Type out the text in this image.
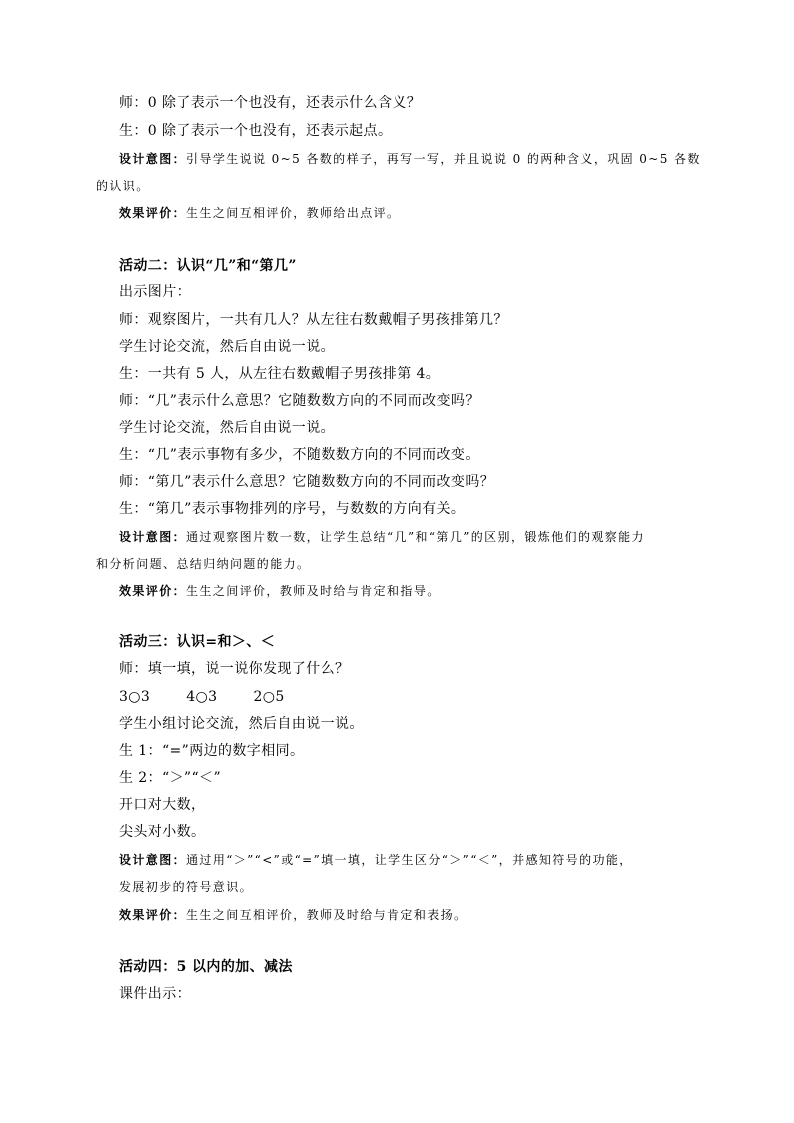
师：0 除了表示一个也没有，还表示什么含义？
生：0 除了表示一个也没有，还表示起点。
设计意图：引导学生说说 0~5 各数的样子，再写一写，并且说说 0 的两种含义，巩固 0~5 各数
的认识。
效果评价：生生之间互相评价，教师给出点评。
活动二：认识“几”和“第几”
出示图片：
师：观察图片，一共有几人？从左往右数戴帽子男孩排第几？
学生讨论交流，然后自由说一说。
生：一共有 5 人，从左往右数戴帽子男孩排第 4。
师：“几”表示什么意思？它随数数方向的不同而改变吗？
学生讨论交流，然后自由说一说。
生：“几”表示事物有多少，不随数数方向的不同而改变。
师：“第几”表示什么意思？它随数数方向的不同而改变吗？
生：“第几”表示事物排列的序号，与数数的方向有关。
设计意图：通过观察图片数一数，让学生总结“几”和“第几”的区别，锻炼他们的观察能力
和分析问题、总结归纳问题的能力。
效果评价：生生之间评价，教师及时给与肯定和指导。
活动三：认识=和＞、＜
师：填一填，说一说你发现了什么？
3○3	4○3	2○5
学生小组讨论交流，然后自由说一说。
生 1：“=”两边的数字相同。
生 2：“＞”“＜”
开口对大数，
尖头对小数。
设计意图：通过用“＞”“<”或“=”填一填，让学生区分“＞”“＜”，并感知符号的功能，
发展初步的符号意识。
效果评价：生生之间互相评价，教师及时给与肯定和表扬。
活动四：5 以内的加、减法
课件出示：
